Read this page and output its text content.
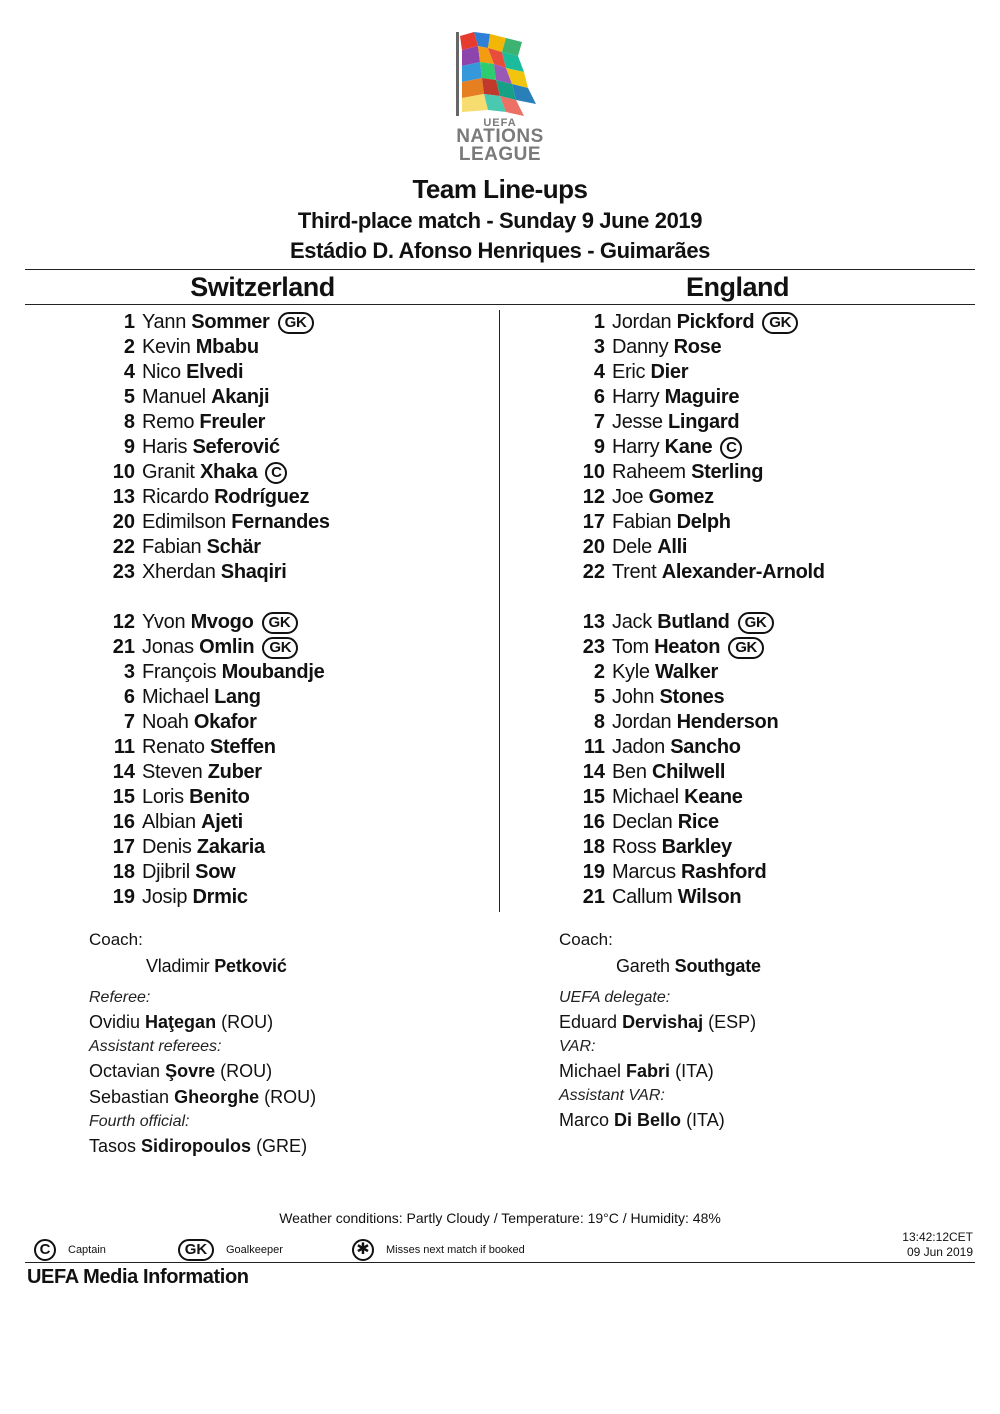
UEFA
NATIONS
LEAGUE
Team Line-ups
Third-place match - Sunday 9 June 2019
Estádio D. Afonso Henriques - Guimarães
Switzerland	England
1 Yann Sommer GK
2 Kevin Mbabu
4 Nico Elvedi
5 Manuel Akanji
8 Remo Freuler
9 Haris Seferović
10 Granit Xhaka C
13 Ricardo Rodríguez
20 Edimilson Fernandes
22 Fabian Schär
23 Xherdan Shaqiri
12 Yvon Mvogo GK
21 Jonas Omlin GK
3 François Moubandje
6 Michael Lang
7 Noah Okafor
11 Renato Steffen
14 Steven Zuber
15 Loris Benito
16 Albian Ajeti
17 Denis Zakaria
18 Djibril Sow
19 Josip Drmic
1 Jordan Pickford GK
3 Danny Rose
4 Eric Dier
6 Harry Maguire
7 Jesse Lingard
9 Harry Kane C
10 Raheem Sterling
12 Joe Gomez
17 Fabian Delph
20 Dele Alli
22 Trent Alexander-Arnold
13 Jack Butland GK
23 Tom Heaton GK
2 Kyle Walker
5 John Stones
8 Jordan Henderson
11 Jadon Sancho
14 Ben Chilwell
15 Michael Keane
16 Declan Rice
18 Ross Barkley
19 Marcus Rashford
21 Callum Wilson
Coach:
Vladimir Petković
Coach:
Gareth Southgate
Referee:
Ovidiu Haţegan (ROU)
Assistant referees:
Octavian Şovre (ROU)
Sebastian Gheorghe (ROU)
Fourth official:
Tasos Sidiropoulos (GRE)
UEFA delegate:
Eduard Dervishaj (ESP)
VAR:
Michael Fabri (ITA)
Assistant VAR:
Marco Di Bello (ITA)
Weather conditions: Partly Cloudy / Temperature: 19°C / Humidity: 48%
C	Captain	GK	Goalkeeper	✱	Misses next match if booked
13:42:12CET
09 Jun 2019
UEFA Media Information
